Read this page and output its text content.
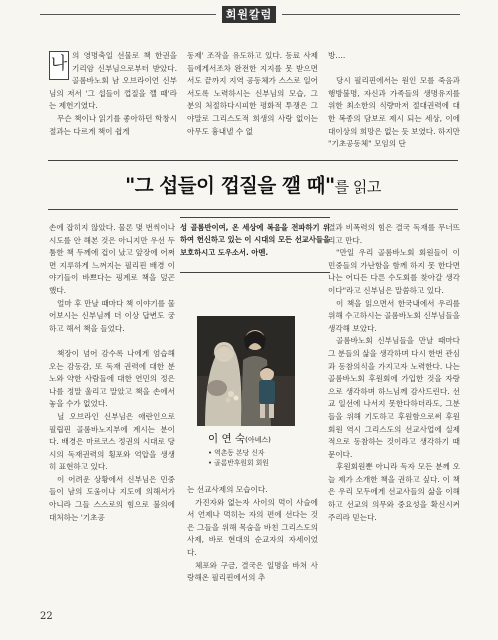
회원칼럼
나 의 영명축일 선물로 책 한권을 기리암 신부님으로부터 받았다. 골롬바노회 남 오브라이언 신부님의 저서 '그 섭들이 껍질을 깰 때'라는 제헌기였다.

무슨 책이나 읽기를 좋아하던 학창시절과는 다르게 책이 쉽게

동제' 조작을 유도하고 있다. 동료 사제들에게서조차 완전한 지지를 못 받으면서도 끝까지 지역 공동체가 스스로 일어서도록 노력하시는 신부님의 모습, 그 분의 처절하다시피한 평화적 투쟁은 그야말로 그리스도적 희생의 사랑 없이는 아무도 흉내낼 수 없

방….

당시 필리핀에서는 원인 모를 죽음과 행방불명, 자신과 가족들의 생명유지를 위한 최소한의 식량마저 절대권력에 대한 복종의 담보로 제시 되는 세상, 이에 대이상의 희망은 없는 듯 보였다. 하지만 "기초공동체" 모임의 단

"그 섭들이 껍질을 깰 때"를 읽고

손에 잡히지 않았다. 물론 몇 번씩이나 시도를 안 해본 것은 아니지만 우선 두툼한 책 두께에 겁이 났고 앞장에 어쩌면 지루하게 느껴지는 필리핀 배경 이야기들이 바쁘다는 핑계로 책을 덮곤 했다.

얼마 후 만날 때마다 책 이야기를 물어보시는 신부님께 더 이상 답변도 궁하고 해서 책을 들었다.

책장이 넘어 감수록 나에게 엄습해 오는 감동감, 또 독재 권력에 대한 분노와 약한 사람들에 대한 연민의 정은 나를 정말 울리고 말았고 책을 손에서 놓을 수가 없었다.

닐 오브라인 신부님은 애란인으로 필립핀 골롬바노지부에 계시는 분이다. 배경은 마르코스 정권의 시대로 당시의 독재권력의 횡포와 억압을 생생히 표현하고 있다.

이 어려운 상황에서 신부님은 민중들이 남의 도움이나 지도에 의해서가 아니라 그들 스스로의 힘으로 불의에 대처하는 '기초공

성 골롬반이여, 온 세상에 복음을 전파하기 위하여 헌신하고 있는 이 시대의 모든 선교사들을 보호하시고 도우소서. 아멘.
이 연 숙(아녜스)
• 역촌동 본당 신자
• 골롬반후원회 회원

는 선교사제의 모습이다.

가진자와 없는자 사이의 먹이 사슬에서 언제나 먹히는 자의 편에 선다는 것은 그들을 위해 목숨을 바친 그리스도의 사제, 바로 현대의 순교자의 자세이었다.

체포와 구금, 결국은 일명을 바쳐 사랑해온 필리핀에서의 추

결과 비폭력의 힘은 결국 독재를 무너뜨리고 만다.

"만일 우리 골롬바노회 회원들이 이 민중들의 가난함을 함께 하지 못 한다면 나는 어디든 다른 수도회를 찾아갈 생각이다"라고 신부님은 말씀하고 있다.

이 책을 읽으면서 한국내에서 우리를 위해 수고하시는 골롬바노회 신부님들을 생각해 보았다.

골롬바노회 신부님들을 만날 때마다 그 분들의 삶을 생각하며 다시 한번 관심과 동참의식을 가지고자 노력한다. 나는 골롬바노회 후원회에 가입한 것을 자랑으로 생각하며 하느님께 감사드린다. 선교 일선에 나서지 못한다하더라도, 그분들을 위해 기도하고 후원함으로써 후원회원 역시 그리스도의 선교사업에 실제적으로 동참하는 것이라고 생각하기 때문이다.

후원회원뿐 아니라 독자 모든 분께 오늘 제가 소개한 책을 권하고 싶다. 이 책은 우리 모두에게 선교사들의 삶을 이해하고 선교의 의무와 중요성을 확신시켜 주리라 믿는다.

22
